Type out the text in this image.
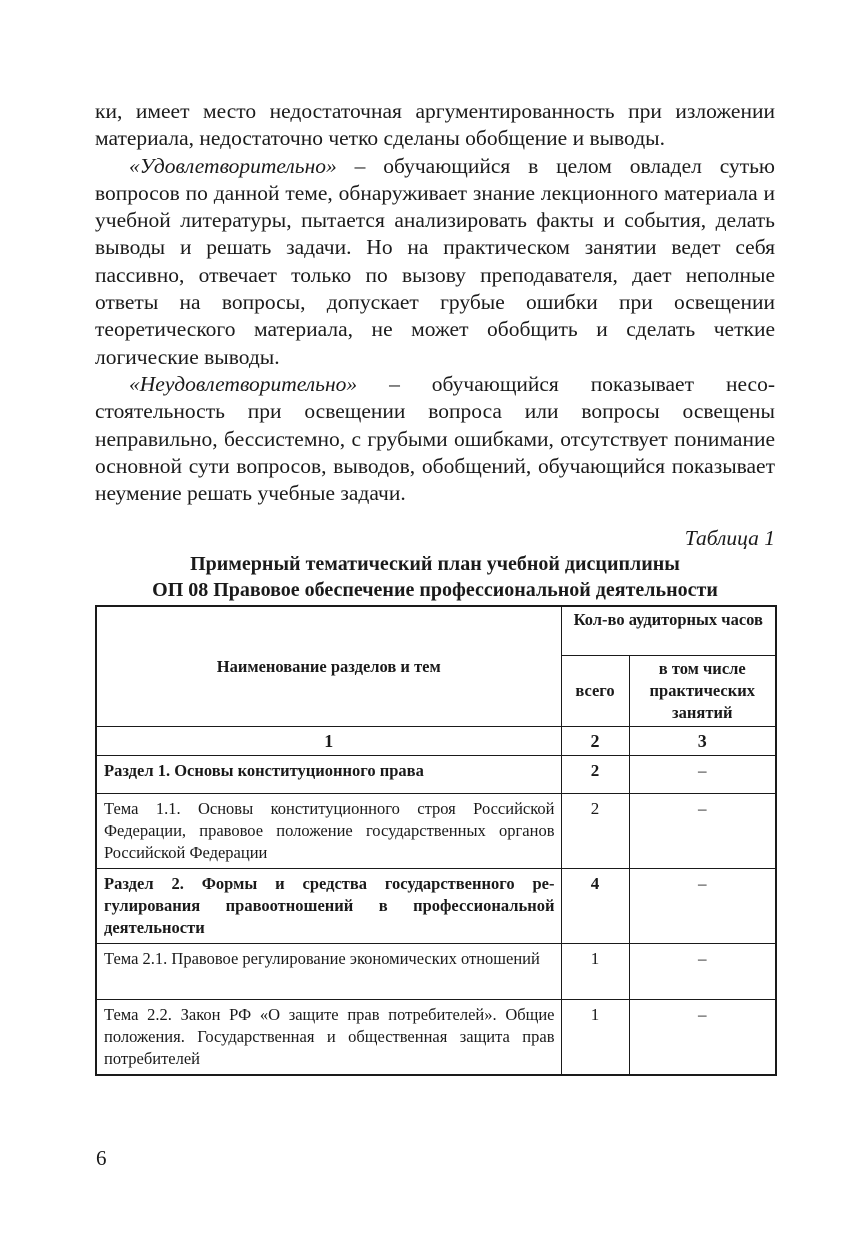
ки, имеет место недостаточная аргументированность при изложении материала, недостаточно четко сделаны обобщение и выводы.

«Удовлетворительно» – обучающийся в целом овладел сутью вопросов по данной теме, обнаруживает знание лекционного материала и учебной литературы, пытается анализировать факты и события, делать выводы и решать задачи. Но на практическом занятии ведет себя пассивно, отвечает только по вызову преподавателя, дает неполные ответы на вопросы, допускает грубые ошибки при освещении теоретического материала, не может обобщить и сделать четкие логические выводы.

«Неудовлетворительно» – обучающийся показывает несостоятельность при освещении вопроса или вопросы освещены неправильно, бессистемно, с грубыми ошибками, отсутствует понимание основной сути вопросов, выводов, обобщений, обучающийся показывает неумение решать учебные задачи.

Таблица 1

Примерный тематический план учебной дисциплины

ОП 08 Правовое обеспечение профессиональной деятельности

Наименование разделов и тем	Кол-во аудиторных часов	
	всего	в том числе практических занятий
1	2	3
Раздел 1. Основы конституционного права	2	–
Тема 1.1. Основы конституционного строя Российской Федерации, правовое положение государственных органов Российской Федерации	2	–
Раздел 2. Формы и средства государственного регулирования правоотношений в профессиональной деятельности	4	–
Тема 2.1. Правовое регулирование экономических отношений	1	–
Тема 2.2. Закон РФ «О защите прав потребителей». Общие положения. Государственная и общественная защита прав потребителей	1	–
6
